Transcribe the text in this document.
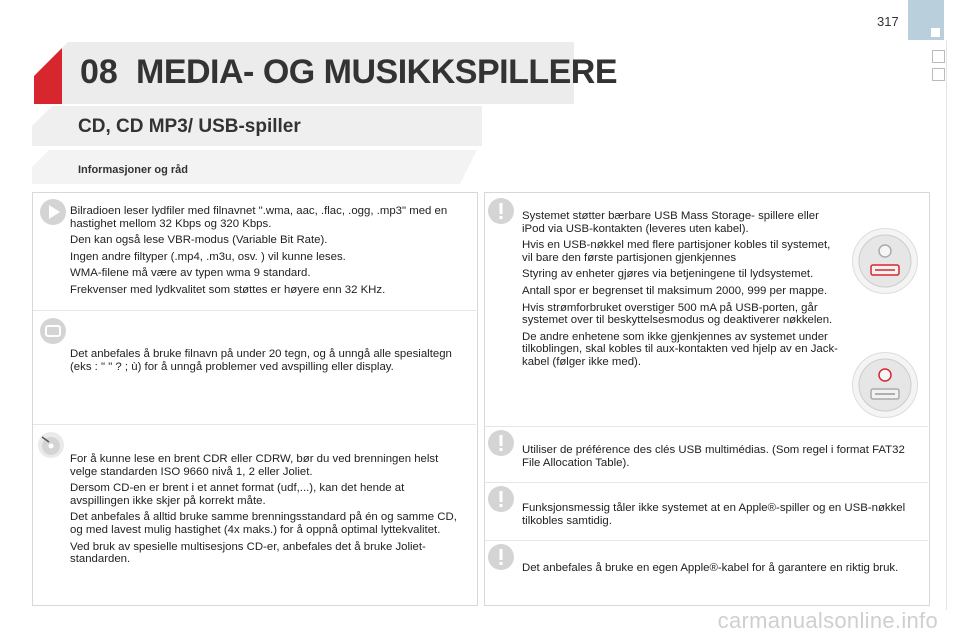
317
08 MEDIA- OG MUSIKKSPILLERE
CD, CD MP3/ USB-spiller
Informasjoner og råd

Bilradioen leser lydfiler med filnavnet ".wma, aac, .flac, .ogg, .mp3" med en hastighet mellom 32 Kbps og 320 Kbps.

Den kan også lese VBR-modus (Variable Bit Rate).

Ingen andre filtyper (.mp4, .m3u, osv. ) vil kunne leses.

WMA-filene må være av typen wma 9 standard.

Frekvenser med lydkvalitet som støttes er høyere enn 32 KHz.

Det anbefales å bruke filnavn på under 20 tegn, og å unngå alle spesialtegn (eks : " " ? ; ù) for å unngå problemer ved avspilling eller display.

For å kunne lese en brent CDR eller CDRW, bør du ved brenningen helst velge standarden ISO 9660 nivå 1, 2 eller Joliet.

Dersom CD-en er brent i et annet format (udf,...), kan det hende at avspillingen ikke skjer på korrekt måte.

Det anbefales å alltid bruke samme brenningsstandard på én og samme CD, og med lavest mulig hastighet (4x maks.) for å oppnå optimal lyttekvalitet.

Ved bruk av spesielle multisesjons CD-er, anbefales det å bruke Joliet-standarden.

Systemet støtter bærbare USB Mass Storage- spillere eller iPod via USB-kontakten (leveres uten kabel).

Hvis en USB-nøkkel med flere partisjoner kobles til systemet, vil bare den første partisjonen gjenkjennes

Styring av enheter gjøres via betjeningene til lydsystemet.

Antall spor er begrenset til maksimum 2000, 999 per mappe.

Hvis strømforbruket overstiger 500 mA på USB-porten, går systemet over til beskyttelsesmodus og deaktiverer nøkkelen.

De andre enhetene som ikke gjenkjennes av systemet under tilkoblingen, skal kobles til aux-kontakten ved hjelp av en Jack-kabel (følger ikke med).

Utiliser de préférence des clés USB multimédias. (Som regel i format FAT32 File Allocation Table).

Funksjonsmessig tåler ikke systemet at en Apple®-spiller og en USB-nøkkel tilkobles samtidig.

Det anbefales å bruke en egen Apple®-kabel for å garantere en riktig bruk.

carmanualsonline.info
